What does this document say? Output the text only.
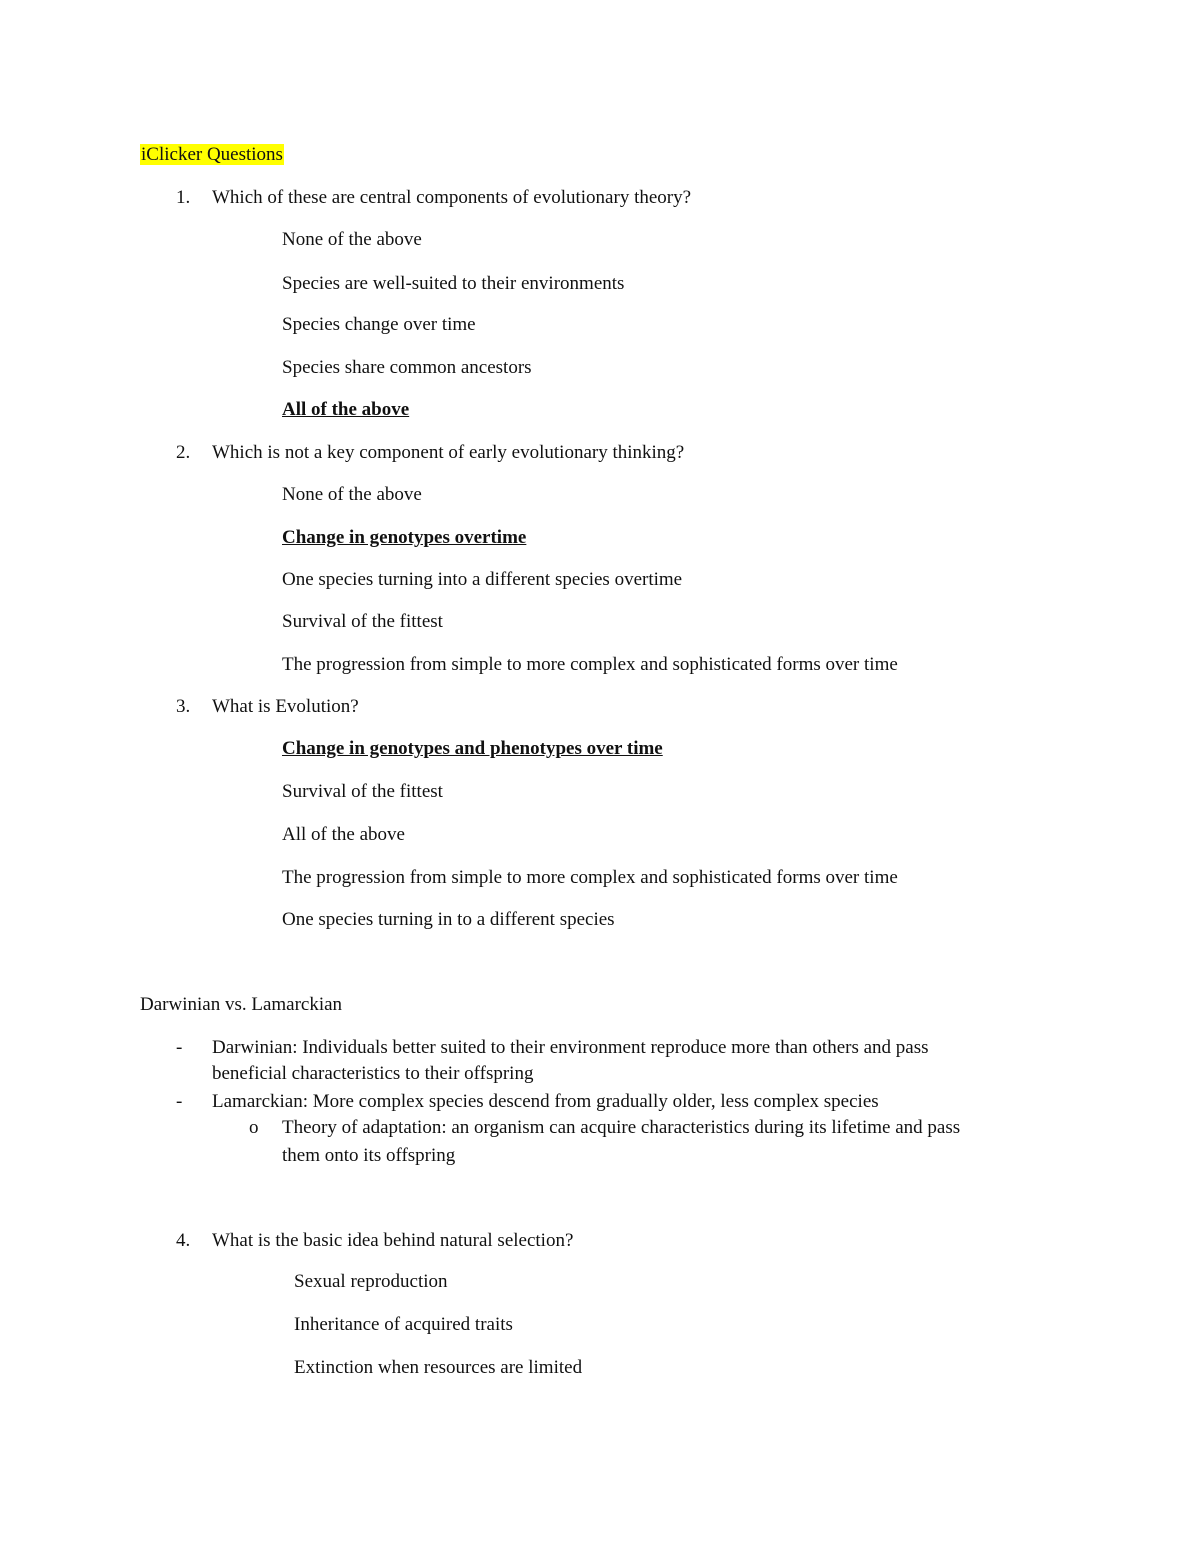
iClicker Questions
1.	Which of these are central components of evolutionary theory?
None of the above
Species are well-suited to their environments
Species change over time
Species share common ancestors
All of the above
2.	Which is not a key component of early evolutionary thinking?
None of the above
Change in genotypes overtime
One species turning into a different species overtime
Survival of the fittest
The progression from simple to more complex and sophisticated forms over time
3.	What is Evolution?
Change in genotypes and phenotypes over time
Survival of the fittest
All of the above
The progression from simple to more complex and sophisticated forms over time
One species turning in to a different species
Darwinian vs. Lamarckian
-	Darwinian: Individuals better suited to their environment reproduce more than others and pass
beneficial characteristics to their offspring
-	Lamarckian: More complex species descend from gradually older, less complex species
o Theory of adaptation: an organism can acquire characteristics during its lifetime and pass
them onto its offspring
4.	What is the basic idea behind natural selection?
Sexual reproduction
Inheritance of acquired traits
Extinction when resources are limited
